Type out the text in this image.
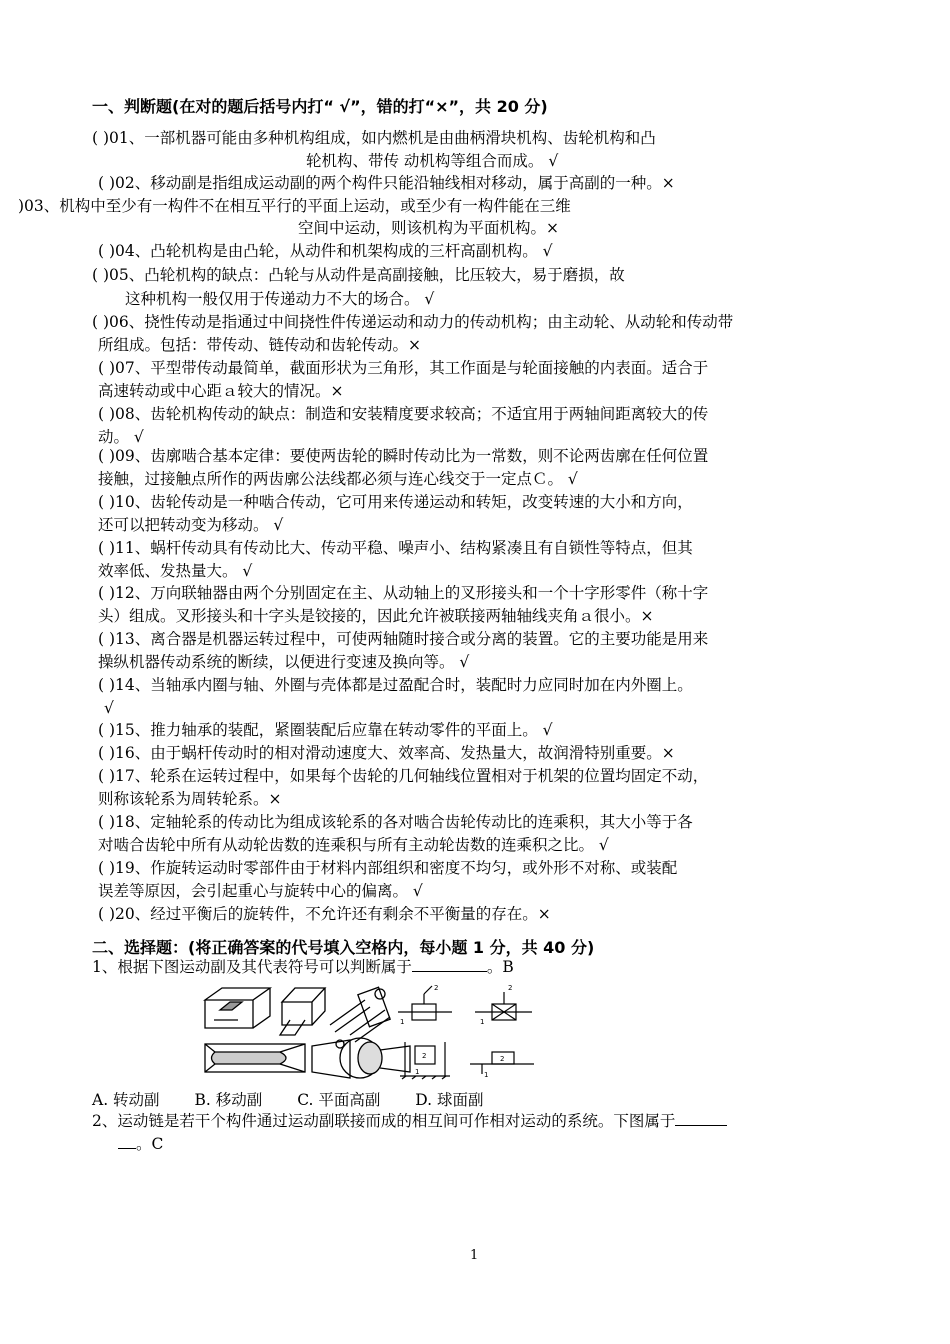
一、判断题(在对的题后括号内打“ √”，错的打“×”，共 20 分)
( )01、一部机器可能由多种机构组成，如内燃机是由曲柄滑块机构、齿轮机构和凸
轮机构、带传 动机构等组合而成。 √
( )02、移动副是指组成运动副的两个构件只能沿轴线相对移动，属于高副的一种。×
)03、机构中至少有一构件不在相互平行的平面上运动，或至少有一构件能在三维
空间中运动，则该机构为平面机构。×
( )04、凸轮机构是由凸轮，从动件和机架构成的三杆高副机构。 √
( )05、凸轮机构的缺点：凸轮与从动件是高副接触，比压较大，易于磨损，故
这种机构一般仅用于传递动力不大的场合。 √
( )06、挠性传动是指通过中间挠性件传递运动和动力的传动机构；由主动轮、从动轮和传动带
所组成。包括：带传动、链传动和齿轮传动。×
( )07、平型带传动最简单，截面形状为三角形，其工作面是与轮面接触的内表面。适合于
高速转动或中心距ａ较大的情况。×
( )08、齿轮机构传动的缺点：制造和安装精度要求较高；不适宜用于两轴间距离较大的传
动。 √
( )09、齿廓啮合基本定律：要使两齿轮的瞬时传动比为一常数，则不论两齿廓在任何位置
接触，过接触点所作的两齿廓公法线都必须与连心线交于一定点Ｃ。 √
( )10、齿轮传动是一种啮合传动，它可用来传递运动和转矩，改变转速的大小和方向，
还可以把转动变为移动。 √
( )11、蜗杆传动具有传动比大、传动平稳、噪声小、结构紧凑且有自锁性等特点，但其
效率低、发热量大。 √
( )12、万向联轴器由两个分别固定在主、从动轴上的叉形接头和一个十字形零件（称十字
头）组成。叉形接头和十字头是铰接的，因此允许被联接两轴轴线夹角ａ很小。×
( )13、离合器是机器运转过程中，可使两轴随时接合或分离的装置。它的主要功能是用来
操纵机器传动系统的断续，以便进行变速及换向等。 √
( )14、当轴承内圈与轴、外圈与壳体都是过盈配合时，装配时力应同时加在内外圈上。
√
( )15、推力轴承的装配，紧圈装配后应靠在转动零件的平面上。 √
( )16、由于蜗杆传动时的相对滑动速度大、效率高、发热量大，故润滑特别重要。×
( )17、轮系在运转过程中，如果每个齿轮的几何轴线位置相对于机架的位置均固定不动，
则称该轮系为周转轮系。×
( )18、定轴轮系的传动比为组成该轮系的各对啮合齿轮传动比的连乘积，其大小等于各
对啮合齿轮中所有从动轮齿数的连乘积与所有主动轮齿数的连乘积之比。 √
( )19、作旋转运动时零部件由于材料内部组织和密度不均匀，或外形不对称、或装配
误差等原因，会引起重心与旋转中心的偏离。 √
( )20、经过平衡后的旋转件，不允许还有剩余不平衡量的存在。×
二、选择题：(将正确答案的代号填入空格内，每小题 1 分，共 40 分)
1、根据下图运动副及其代表符号可以判断属于	。B
2
1
2
1
2
1
2
1
A. 转动副 B. 移动副 C. 平面高副 D. 球面副
2、运动链是若干个构件通过运动副联接而成的相互间可作相对运动的系统。下图属于
。C
1
